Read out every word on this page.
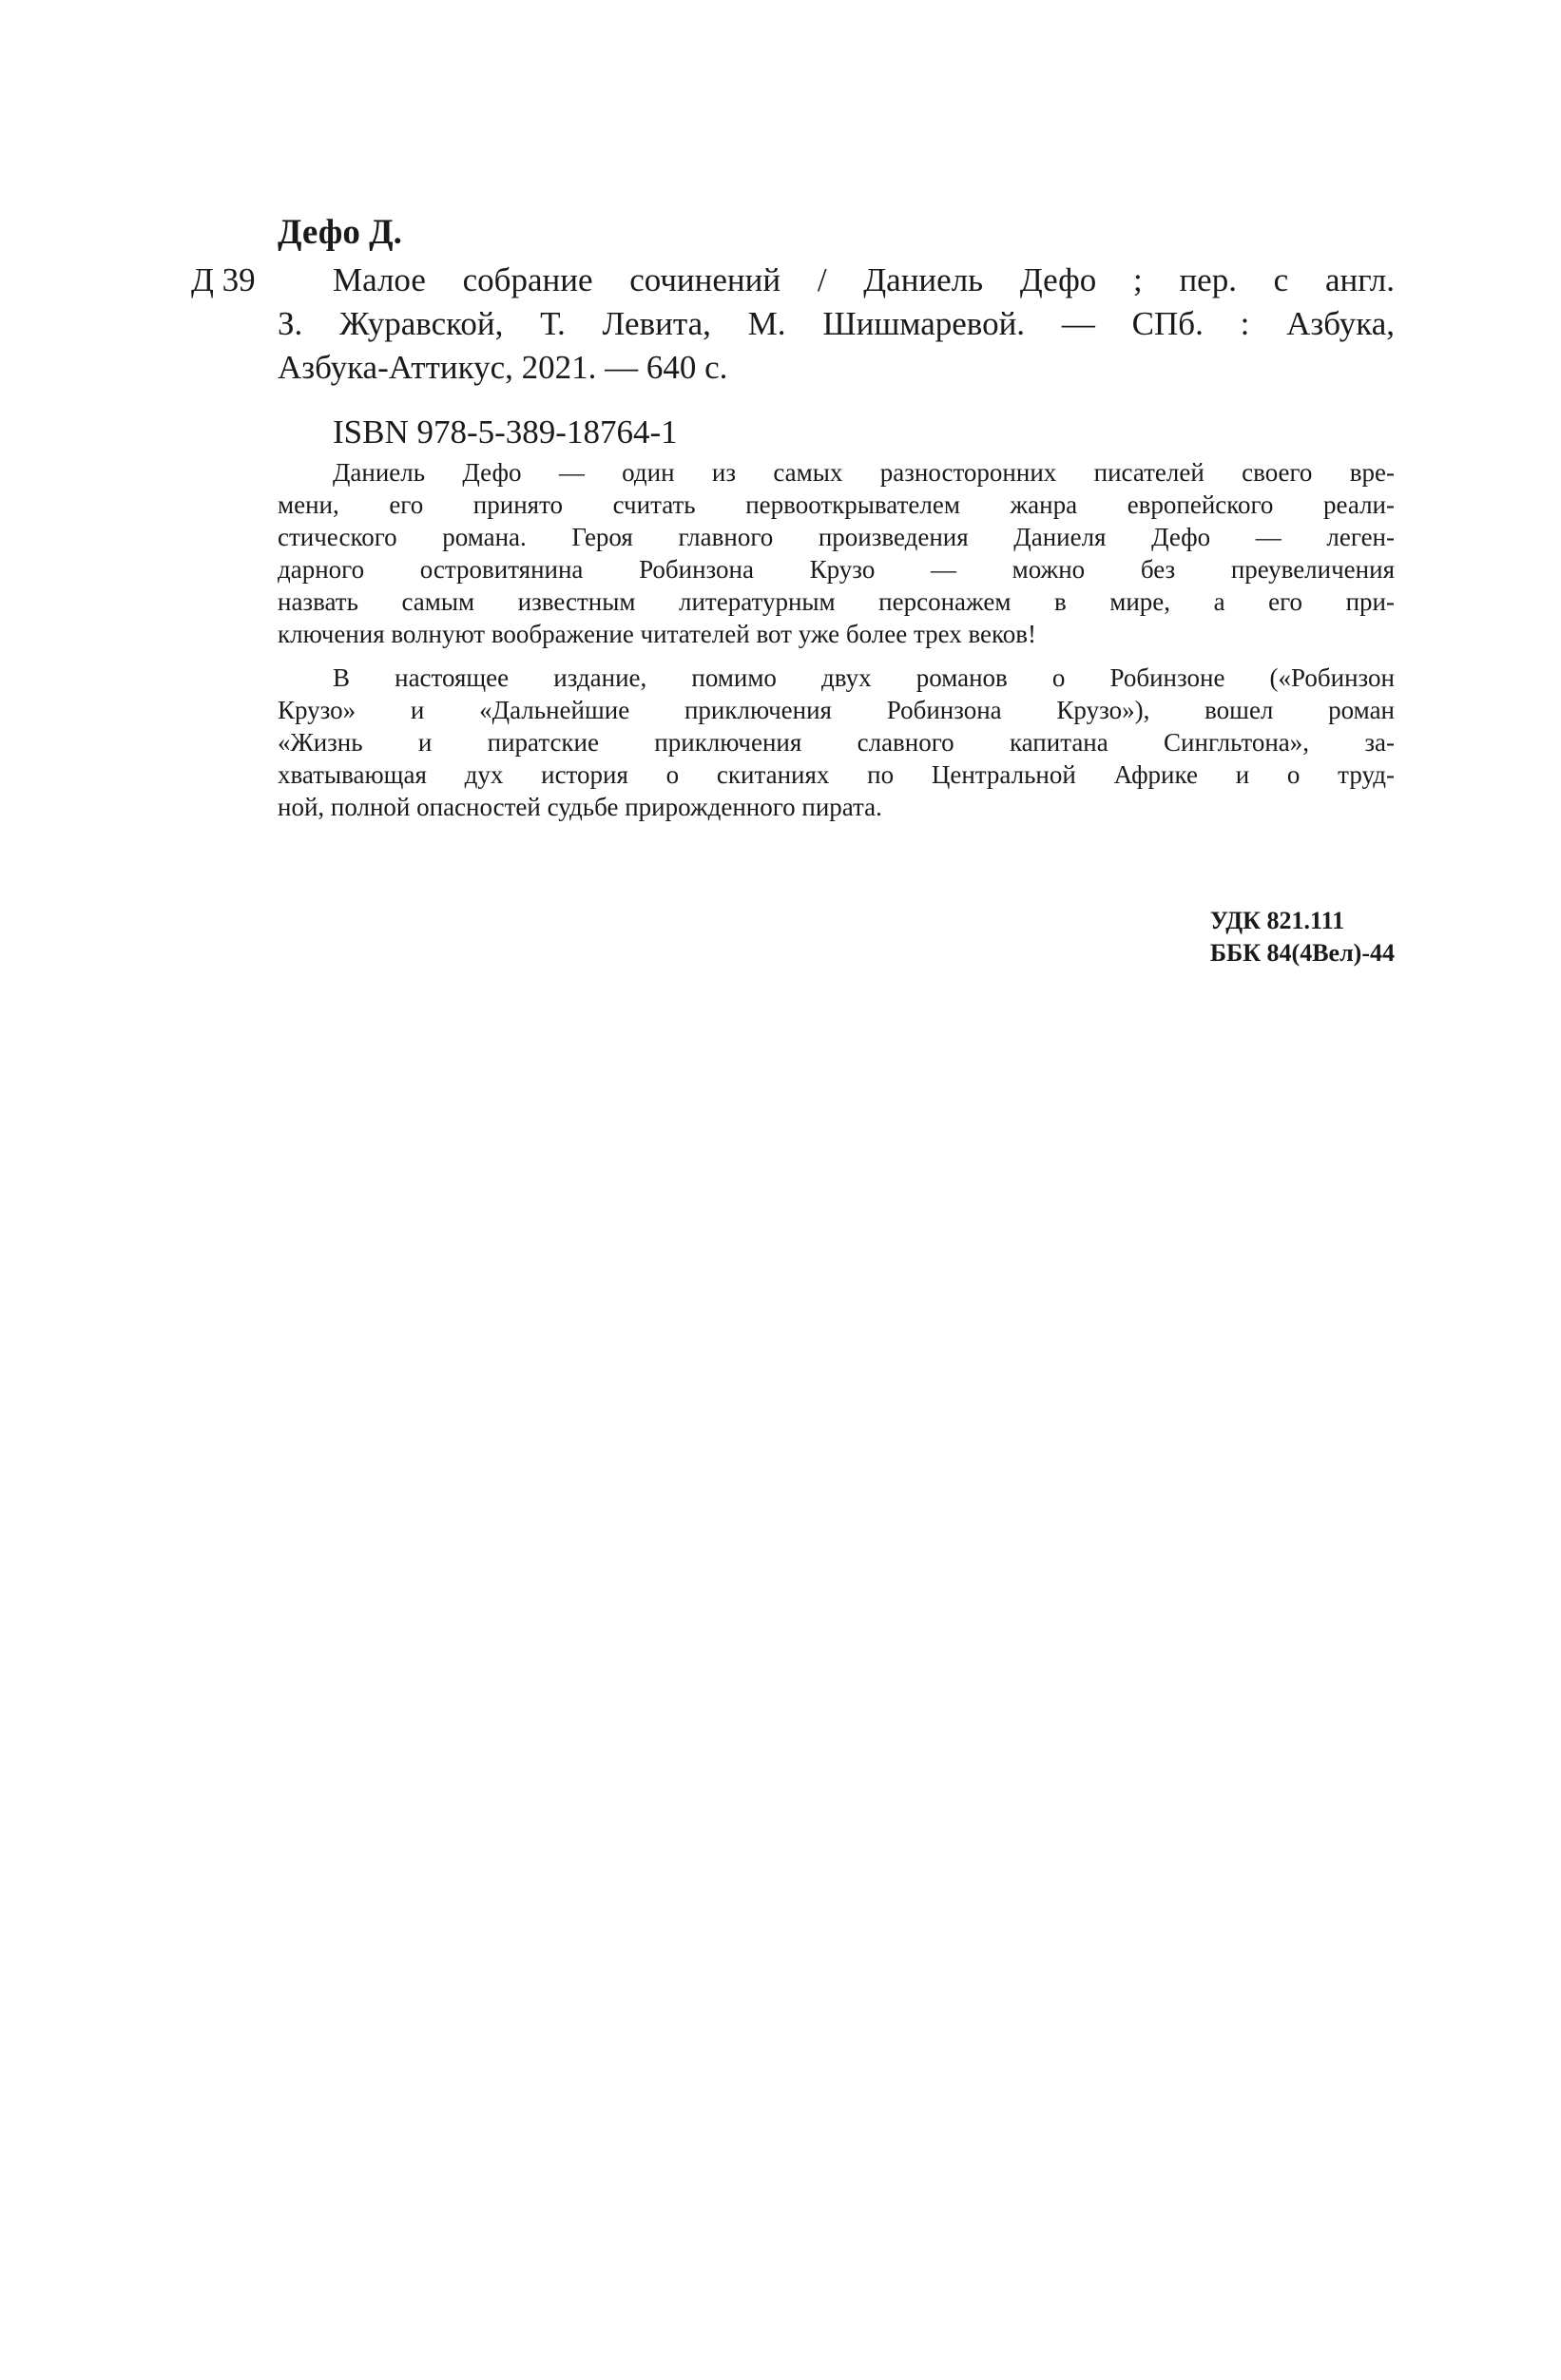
Дефо Д.
Д 39	Малое собрание сочинений / Даниель Дефо ; пер. с англ.
З. Журавской, Т. Левита, М. Шишмаревой. — СПб. : Азбука,
Азбука-Аттикус, 2021. — 640 с.
ISBN 978-5-389-18764-1
Даниель Дефо — один из самых разносторонних писателей своего вре-
мени, его принято считать первооткрывателем жанра европейского реали-
стического романа. Героя главного произведения Даниеля Дефо — леген-
дарного островитянина Робинзона Крузо — можно без преувеличения
назвать самым известным литературным персонажем в мире, а его при-
ключения волнуют воображение читателей вот уже более трех веков!
В настоящее издание, помимо двух романов о Робинзоне («Робинзон
Крузо» и «Дальнейшие приключения Робинзона Крузо»), вошел роман
«Жизнь и пиратские приключения славного капитана Сингльтона», за-
хватывающая дух история о скитаниях по Центральной Африке и о труд-
ной, полной опасностей судьбе прирожденного пирата.
УДК 821.111
ББК 84(4Вел)-44
